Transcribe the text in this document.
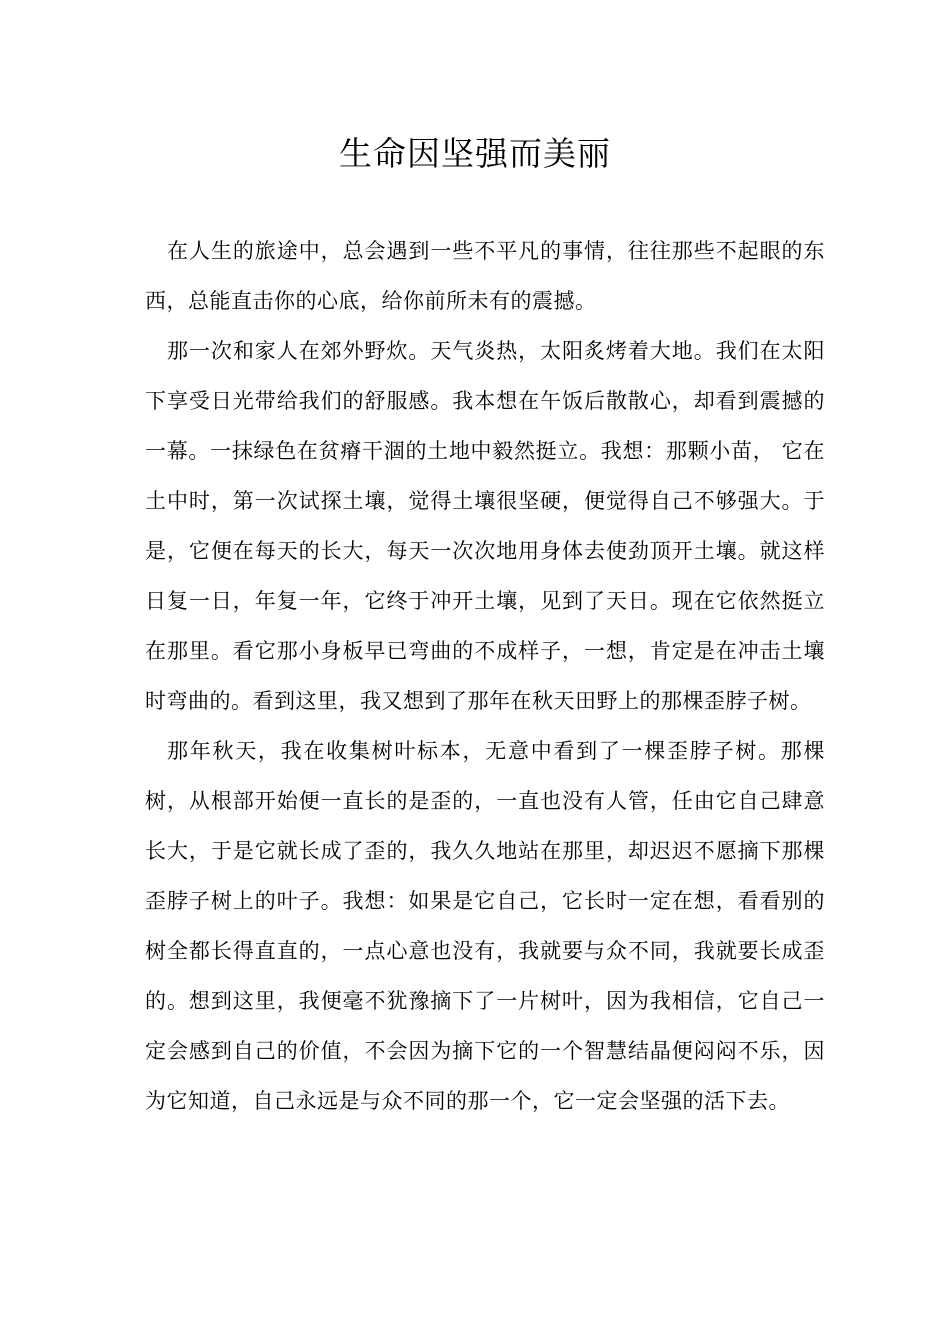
生命因坚强而美丽

在人生的旅途中，总会遇到一些不平凡的事情，往往那些不起眼的东西，总能直击你的心底，给你前所未有的震撼。

那一次和家人在郊外野炊。天气炎热，太阳炙烤着大地。我们在太阳下享受日光带给我们的舒服感。我本想在午饭后散散心，却看到震撼的一幕。一抹绿色在贫瘠干涸的土地中毅然挺立。我想：那颗小苗， 它在土中时，第一次试探土壤，觉得土壤很坚硬，便觉得自己不够强大。于是，它便在每天的长大，每天一次次地用身体去使劲顶开土壤。就这样日复一日，年复一年，它终于冲开土壤，见到了天日。现在它依然挺立在那里。看它那小身板早已弯曲的不成样子，一想，肯定是在冲击土壤时弯曲的。看到这里，我又想到了那年在秋天田野上的那棵歪脖子树。

那年秋天，我在收集树叶标本，无意中看到了一棵歪脖子树。那棵树，从根部开始便一直长的是歪的，一直也没有人管，任由它自己肆意长大，于是它就长成了歪的，我久久地站在那里，却迟迟不愿摘下那棵歪脖子树上的叶子。我想：如果是它自己，它长时一定在想，看看别的树全都长得直直的，一点心意也没有，我就要与众不同，我就要长成歪的。想到这里，我便毫不犹豫摘下了一片树叶，因为我相信，它自己一定会感到自己的价值，不会因为摘下它的一个智慧结晶便闷闷不乐，因为它知道，自己永远是与众不同的那一个，它一定会坚强的活下去。
